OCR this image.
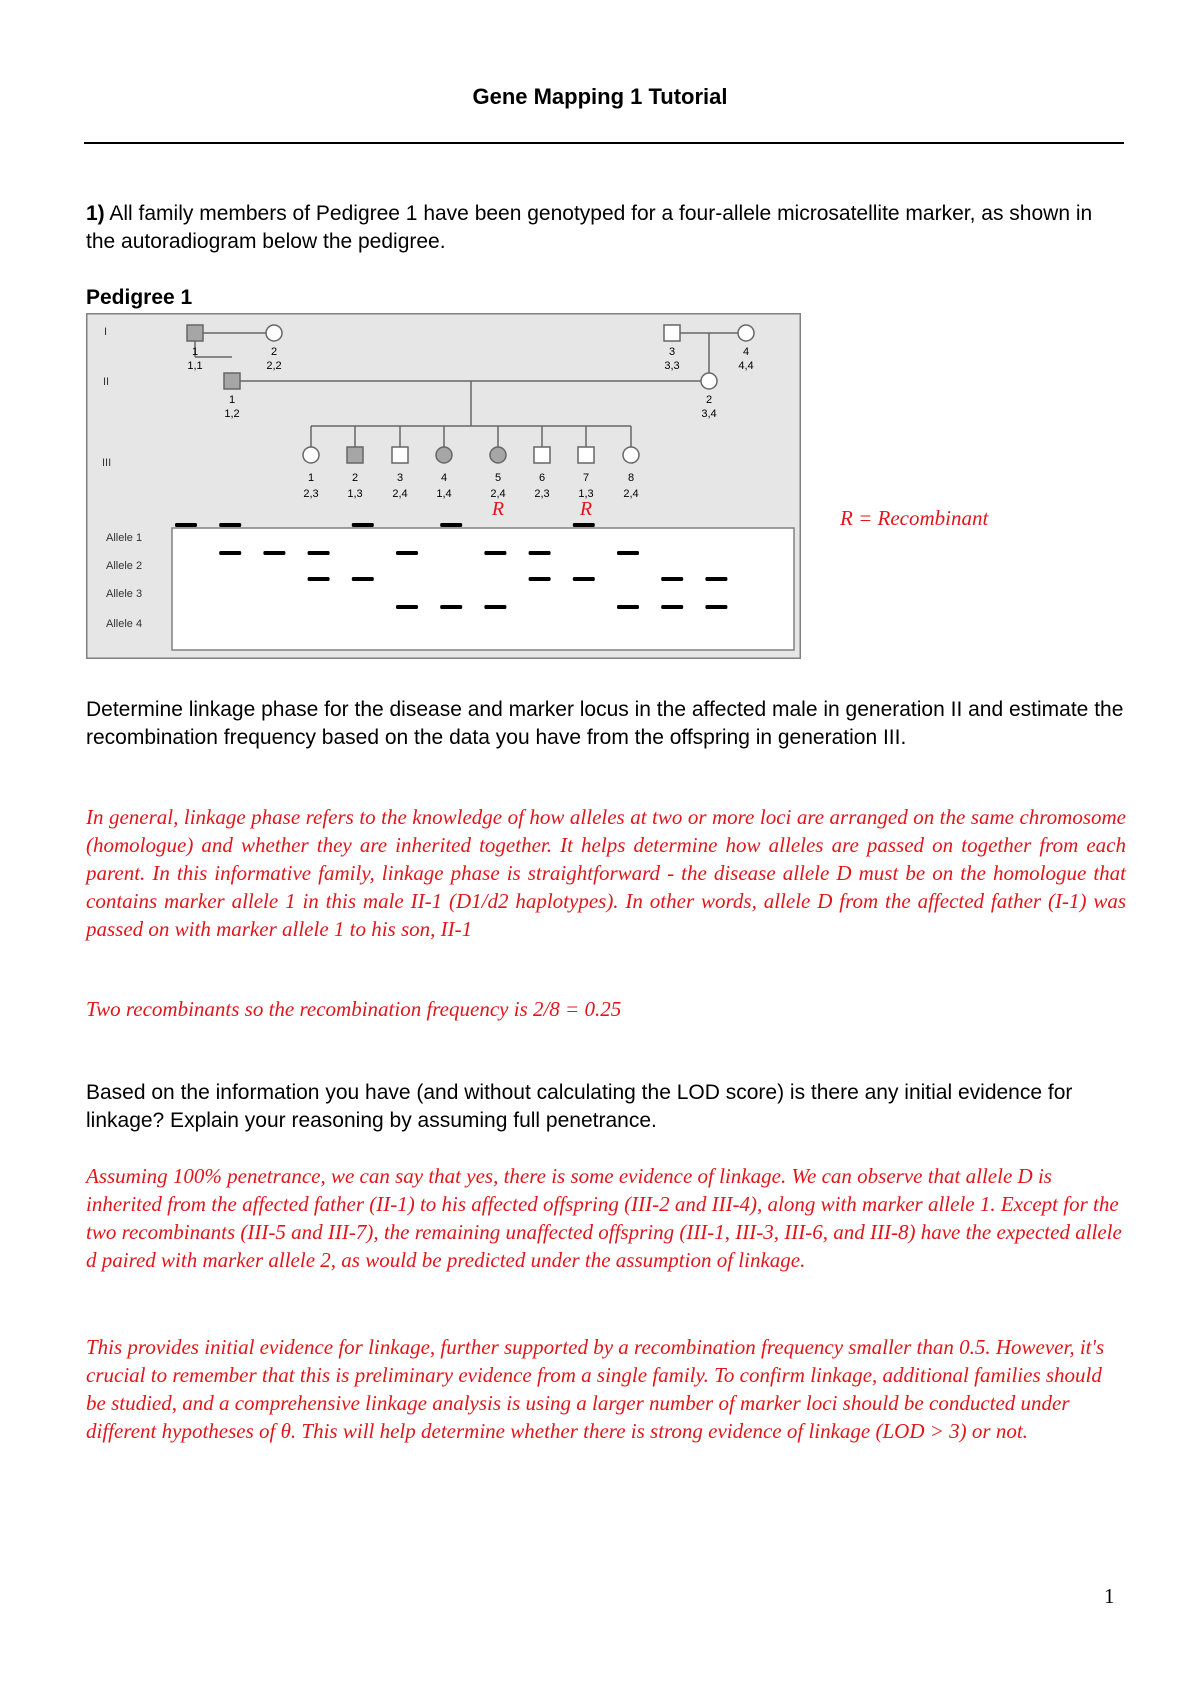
Gene Mapping 1 Tutorial

1) All family members of Pedigree 1 have been genotyped for a four-allele microsatellite marker, as shown in the autoradiogram below the pedigree.

Pedigree 1
I
II
III
1
1,1
2
2,2
3
3,3
4
4,4
1
1,2
2
3,4
1
2,3
2
1,3
3
2,4
4
1,4
5
2,4
R
6
2,3
7
1,3
R
8
2,4
Allele 1
Allele 2
Allele 3
Allele 4
R = Recombinant

Determine linkage phase for the disease and marker locus in the affected male in generation II and estimate the recombination frequency based on the data you have from the offspring in generation III.

In general, linkage phase refers to the knowledge of how alleles at two or more loci are arranged on the same chromosome (homologue) and whether they are inherited together. It helps determine how alleles are passed on together from each parent. In this informative family, linkage phase is straightforward - the disease allele D must be on the homologue that contains marker allele 1 in this male II-1 (D1/d2 haplotypes). In other words, allele D from the affected father (I-1) was passed on with marker allele 1 to his son, II-1

Two recombinants so the recombination frequency is 2/8 = 0.25

Based on the information you have (and without calculating the LOD score) is there any initial evidence for linkage? Explain your reasoning by assuming full penetrance.

Assuming 100% penetrance, we can say that yes, there is some evidence of linkage. We can observe that allele D is inherited from the affected father (II-1) to his affected offspring (III-2 and III-4), along with marker allele 1. Except for the two recombinants (III-5 and III-7), the remaining unaffected offspring (III-1, III-3, III-6, and III-8) have the expected allele d paired with marker allele 2, as would be predicted under the assumption of linkage.

This provides initial evidence for linkage, further supported by a recombination frequency smaller than 0.5. However, it's crucial to remember that this is preliminary evidence from a single family. To confirm linkage, additional families should be studied, and a comprehensive linkage analysis is using a larger number of marker loci should be conducted under different hypotheses of θ. This will help determine whether there is strong evidence of linkage (LOD > 3) or not.

1
